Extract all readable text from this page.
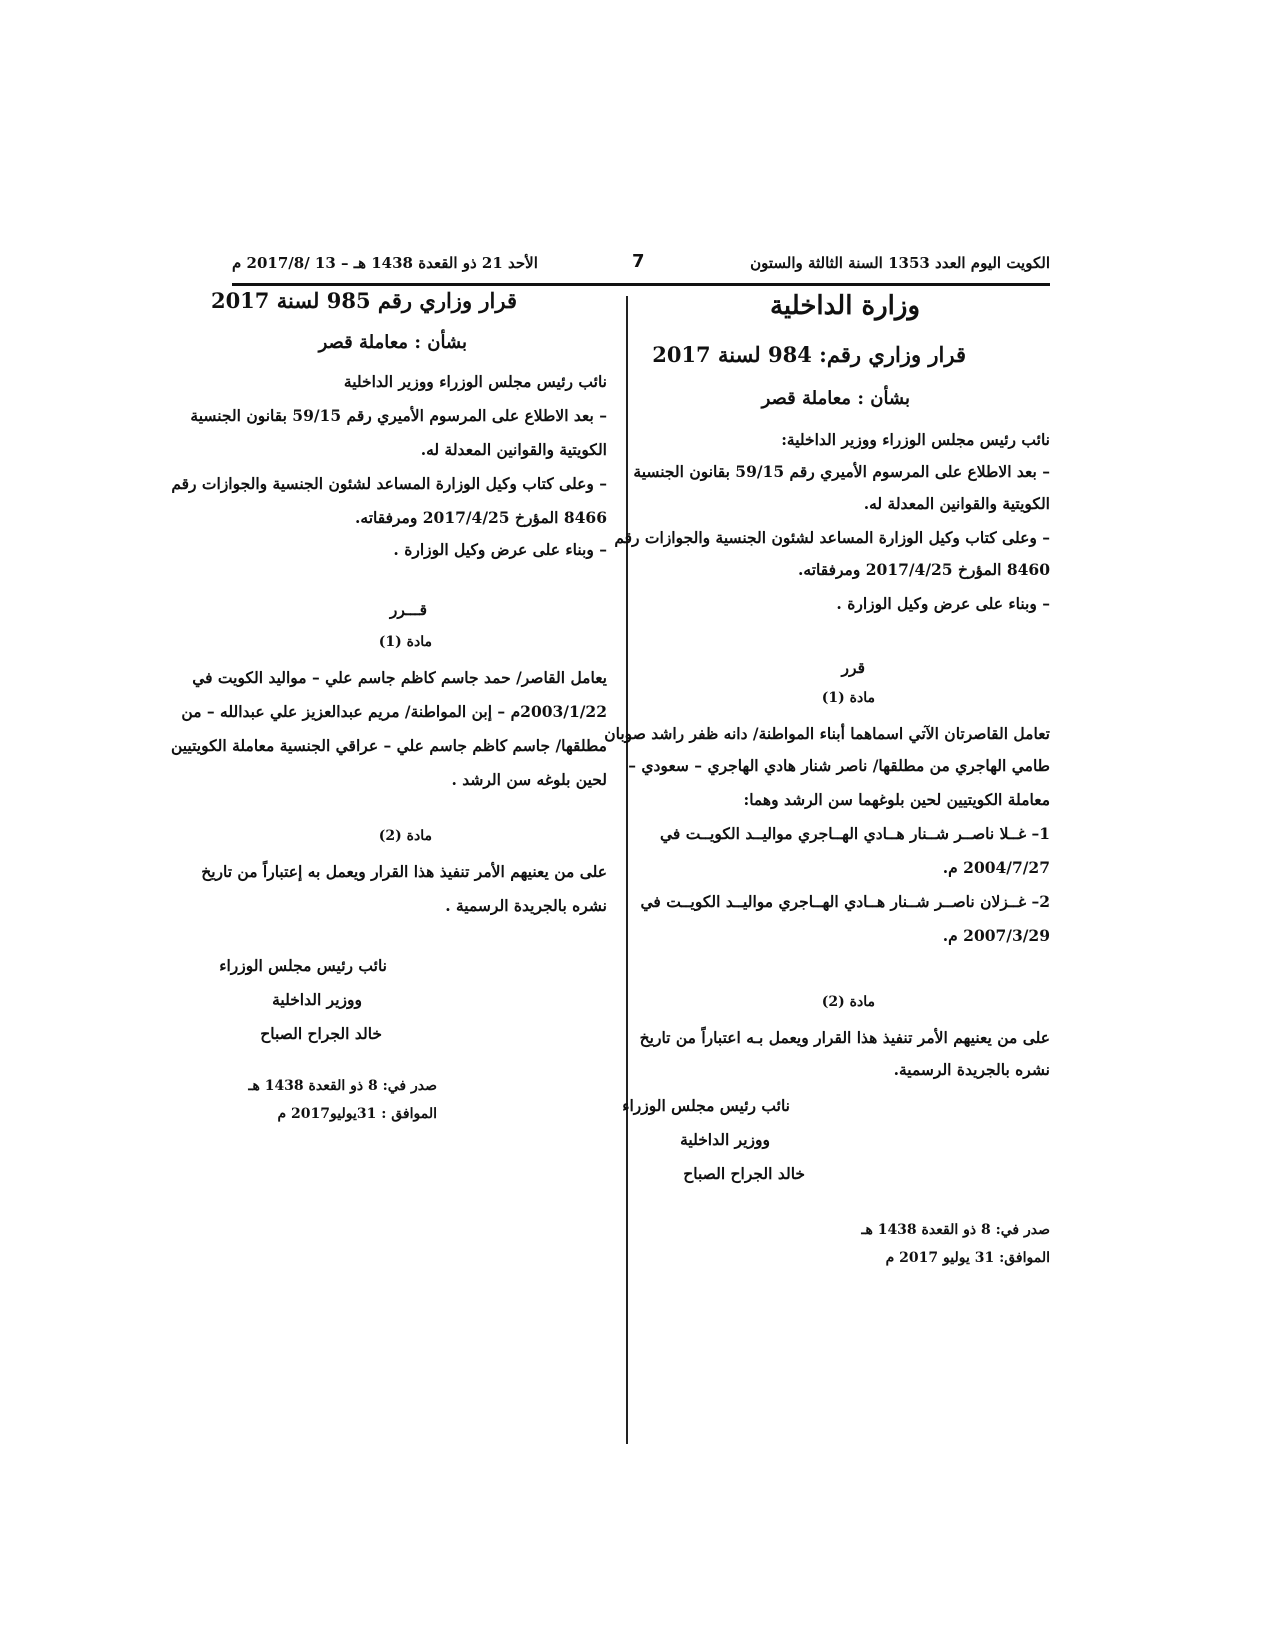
الكويت اليوم العدد 1353 السنة الثالثة والستون
7
الأحد 21 ذو القعدة 1438 هـ – 13 /2017/8 م
وزارة الداخلية
قرار وزاري رقم: 984 لسنة 2017
بشأن : معاملة قصر
نائب رئيس مجلس الوزراء ووزير الداخلية:
– بعد الاطلاع على المرسوم الأميري رقم 59/15 بقانون الجنسية
الكويتية والقوانين المعدلة له.
– وعلى كتاب وكيل الوزارة المساعد لشئون الجنسية والجوازات رقم
8460 المؤرخ 2017/4/25 ومرفقاته.
– وبناء على عرض وكيل الوزارة .
قرر
مادة (1)
تعامل القاصرتان الآتي اسماهما أبناء المواطنة/ دانه ظفر راشد صوبان
طامي الهاجري من مطلقها/ ناصر شنار هادي الهاجري – سعودي –
معاملة الكويتيين لحين بلوغهما سن الرشد وهما:
1– غــلا ناصــر شــنار هــادي الهــاجري مواليــد الكويــت في
2004/7/27 م.
2– غــزلان ناصــر شــنار هــادي الهــاجري مواليــد الكويــت في
2007/3/29 م.
مادة (2)
على من يعنيهم الأمر تنفيذ هذا القرار ويعمل بـه اعتباراً من تاريخ
نشره بالجريدة الرسمية.
نائب رئيس مجلس الوزراء
ووزير الداخلية
خالد الجراح الصباح
صدر في: 8 ذو القعدة 1438 هـ
الموافق: 31 يوليو 2017 م
قرار وزاري رقم 985 لسنة 2017
بشأن : معاملة قصر
نائب رئيس مجلس الوزراء ووزير الداخلية
– بعد الاطلاع على المرسوم الأميري رقم 59/15 بقانون الجنسية
الكويتية والقوانين المعدلة له.
– وعلى كتاب وكيل الوزارة المساعد لشئون الجنسية والجوازات رقم
8466 المؤرخ 2017/4/25 ومرفقاته.
– وبناء على عرض وكيل الوزارة .
قـــرر
مادة (1)
يعامل القاصر/ حمد جاسم كاظم جاسم علي – مواليد الكويت في
2003/1/22م – إبن المواطنة/ مريم عبدالعزيز علي عبدالله – من
مطلقها/ جاسم كاظم جاسم علي – عراقي الجنسية معاملة الكويتيين
لحين بلوغه سن الرشد .
مادة (2)
على من يعنيهم الأمر تنفيذ هذا القرار ويعمل به إعتباراً من تاريخ
نشره بالجريدة الرسمية .
نائب رئيس مجلس الوزراء
ووزير الداخلية
خالد الجراح الصباح
صدر في: 8 ذو القعدة 1438 هـ
الموافق : 31يوليو2017 م
